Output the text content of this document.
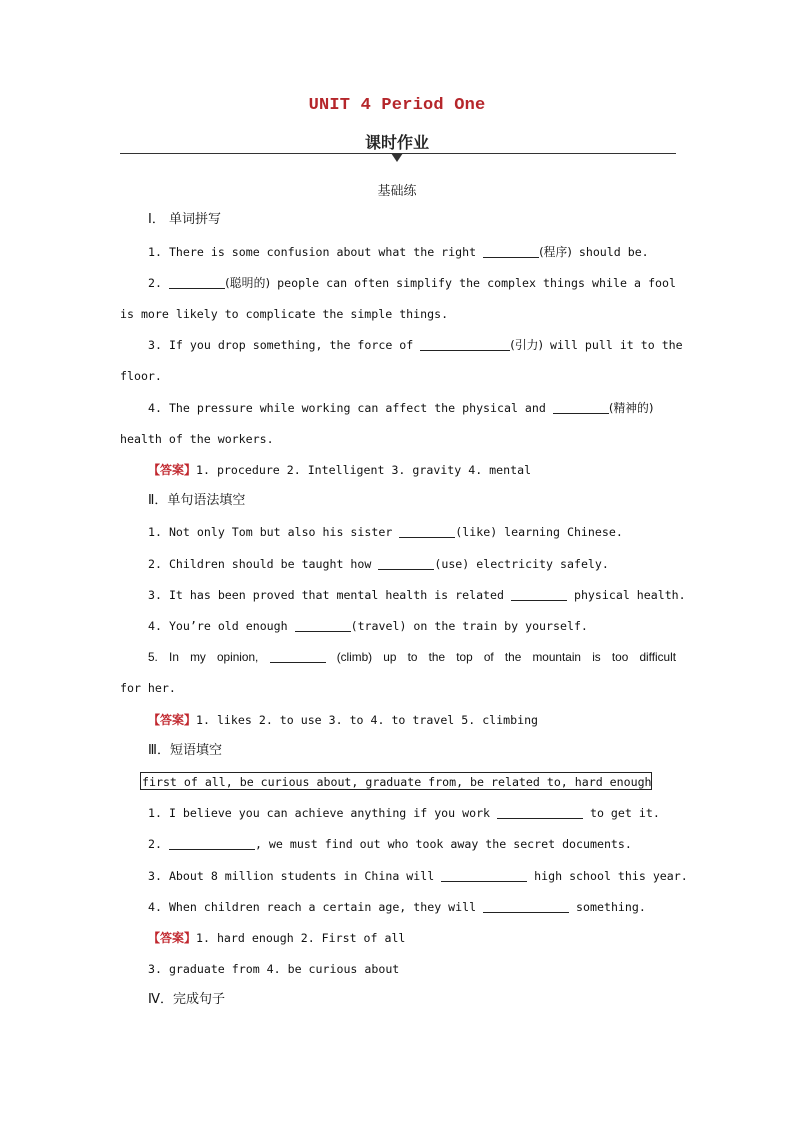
UNIT 4 Period One
课时作业
基础练
Ⅰ． 单词拼写
1. There is some confusion about what the right	(程序) should be.
2.	(聪明的) people can often simplify the complex things while a fool
is more likely to complicate the simple things.
3. If you drop something, the force of	(引力) will pull it to the
floor.
4. The pressure while working can affect the physical and	(精神的)
health of the workers.
【答案】1. procedure 2. Intelligent 3. gravity 4. mental
Ⅱ．单句语法填空
1. Not only Tom but also his sister	(like) learning Chinese.
2. Children should be taught how	(use) electricity safely.
3. It has been proved that mental health is related	physical health.
4. You’re old enough	(travel) on the train by yourself.
5. In my opinion,	(climb) up to the top of the mountain is too difficult
for her.
【答案】1. likes 2. to use 3. to 4. to travel 5. climbing
Ⅲ．短语填空
first of all, be curious about, graduate from, be related to, hard enough
1. I believe you can achieve anything if you work	to get it.
2.	, we must find out who took away the secret documents.
3. About 8 million students in China will	high school this year.
4. When children reach a certain age, they will	something.
【答案】1. hard enough 2. First of all
3. graduate from 4. be curious about
Ⅳ．完成句子
